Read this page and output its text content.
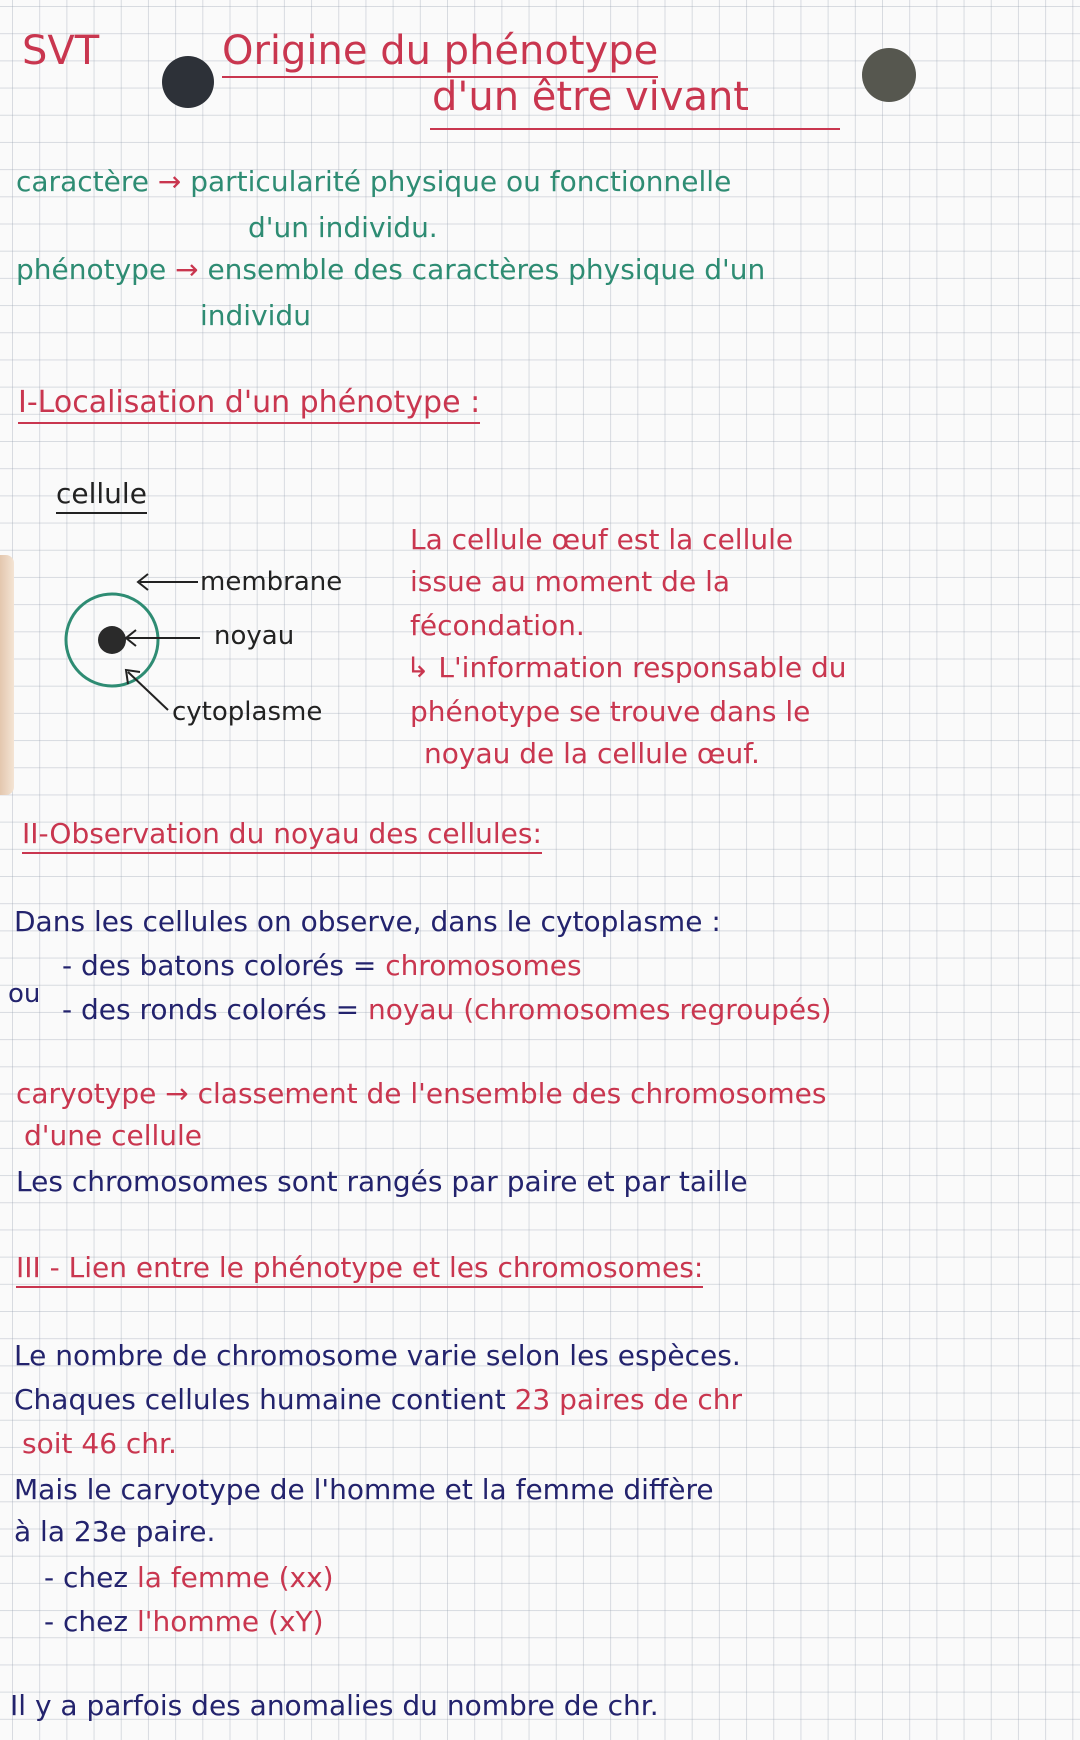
SVT	Origine du phénotype
d'un être vivant
caractère → particularité physique ou fonctionnelle
d'un individu.
phénotype → ensemble des caractères physique d'un
individu
I-Localisation d'un phénotype :
cellule
membrane
noyau
cytoplasme
La cellule œuf est la cellule
issue au moment de la
fécondation.
↳ L'information responsable du
phénotype se trouve dans le
noyau de la cellule œuf.
II-Observation du noyau des cellules:
Dans les cellules on observe, dans le cytoplasme :
ou
- des batons colorés = chromosomes
- des ronds colorés = noyau (chromosomes regroupés)
caryotype → classement de l'ensemble des chromosomes
d'une cellule
Les chromosomes sont rangés par paire et par taille
III - Lien entre le phénotype et les chromosomes:
Le nombre de chromosome varie selon les espèces.
Chaques cellules humaine contient 23 paires de chr
soit 46 chr.
Mais le caryotype de l'homme et la femme diffère
à la 23e paire.
- chez la femme (xx)
- chez l'homme (xY)
Il y a parfois des anomalies du nombre de chr.
